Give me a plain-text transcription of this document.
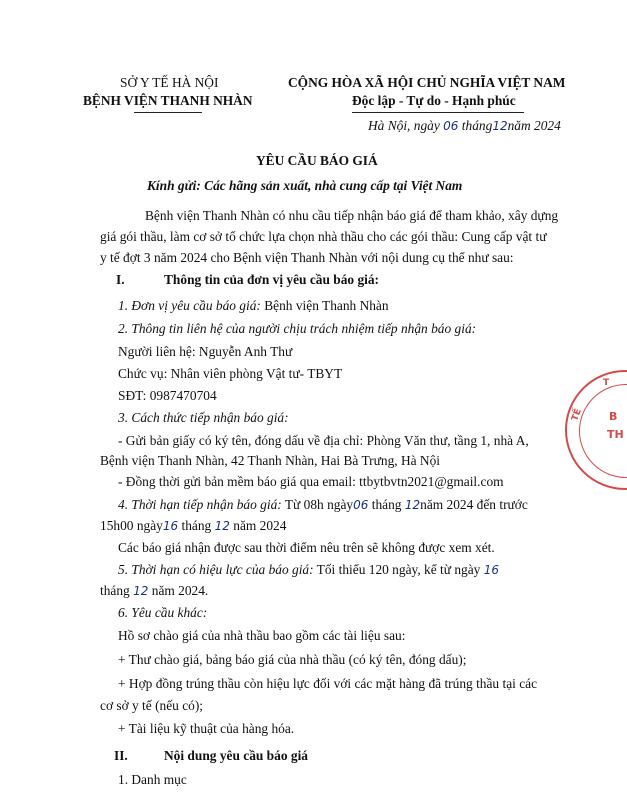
SỞ Y TẾ HÀ NỘI
BỆNH VIỆN THANH NHÀN
CỘNG HÒA XÃ HỘI CHỦ NGHĨA VIỆT NAM
Độc lập - Tự do - Hạnh phúc
Hà Nội, ngày 06 tháng12năm 2024
YÊU CẦU BÁO GIÁ
Kính gửi: Các hãng sản xuất, nhà cung cấp tại Việt Nam
Bệnh viện Thanh Nhàn có nhu cầu tiếp nhận báo giá để tham khảo, xây dựng
giá gói thầu, làm cơ sở tổ chức lựa chọn nhà thầu cho các gói thầu: Cung cấp vật tư
y tế đợt 3 năm 2024 cho Bệnh viện Thanh Nhàn với nội dung cụ thể như sau:
I.	Thông tin của đơn vị yêu cầu báo giá:
1. Đơn vị yêu cầu báo giá: Bệnh viện Thanh Nhàn
2. Thông tin liên hệ của người chịu trách nhiệm tiếp nhận báo giá:
Người liên hệ: Nguyễn Anh Thư
Chức vụ: Nhân viên phòng Vật tư- TBYT
SĐT: 0987470704
3. Cách thức tiếp nhận báo giá:
- Gửi bản giấy có ký tên, đóng dấu về địa chỉ: Phòng Văn thư, tầng 1, nhà A,
Bệnh viện Thanh Nhàn, 42 Thanh Nhàn, Hai Bà Trưng, Hà Nội
- Đồng thời gửi bản mềm báo giá qua email: ttbytbvtn2021@gmail.com
4. Thời hạn tiếp nhận báo giá: Từ 08h ngày06 tháng 12năm 2024 đến trước
15h00 ngày16 tháng 12 năm 2024
Các báo giá nhận được sau thời điểm nêu trên sẽ không được xem xét.
5. Thời hạn có hiệu lực của báo giá: Tối thiểu 120 ngày, kể từ ngày 16
tháng 12 năm 2024.
6. Yêu cầu khác:
Hồ sơ chào giá của nhà thầu bao gồm các tài liệu sau:
+ Thư chào giá, bảng báo giá của nhà thầu (có ký tên, đóng dấu);
+ Hợp đồng trúng thầu còn hiệu lực đối với các mặt hàng đã trúng thầu tại các
cơ sở y tế (nếu có);
+ Tài liệu kỹ thuật của hàng hóa.
II.	Nội dung yêu cầu báo giá
1. Danh mục
T
TẾ B
TH
